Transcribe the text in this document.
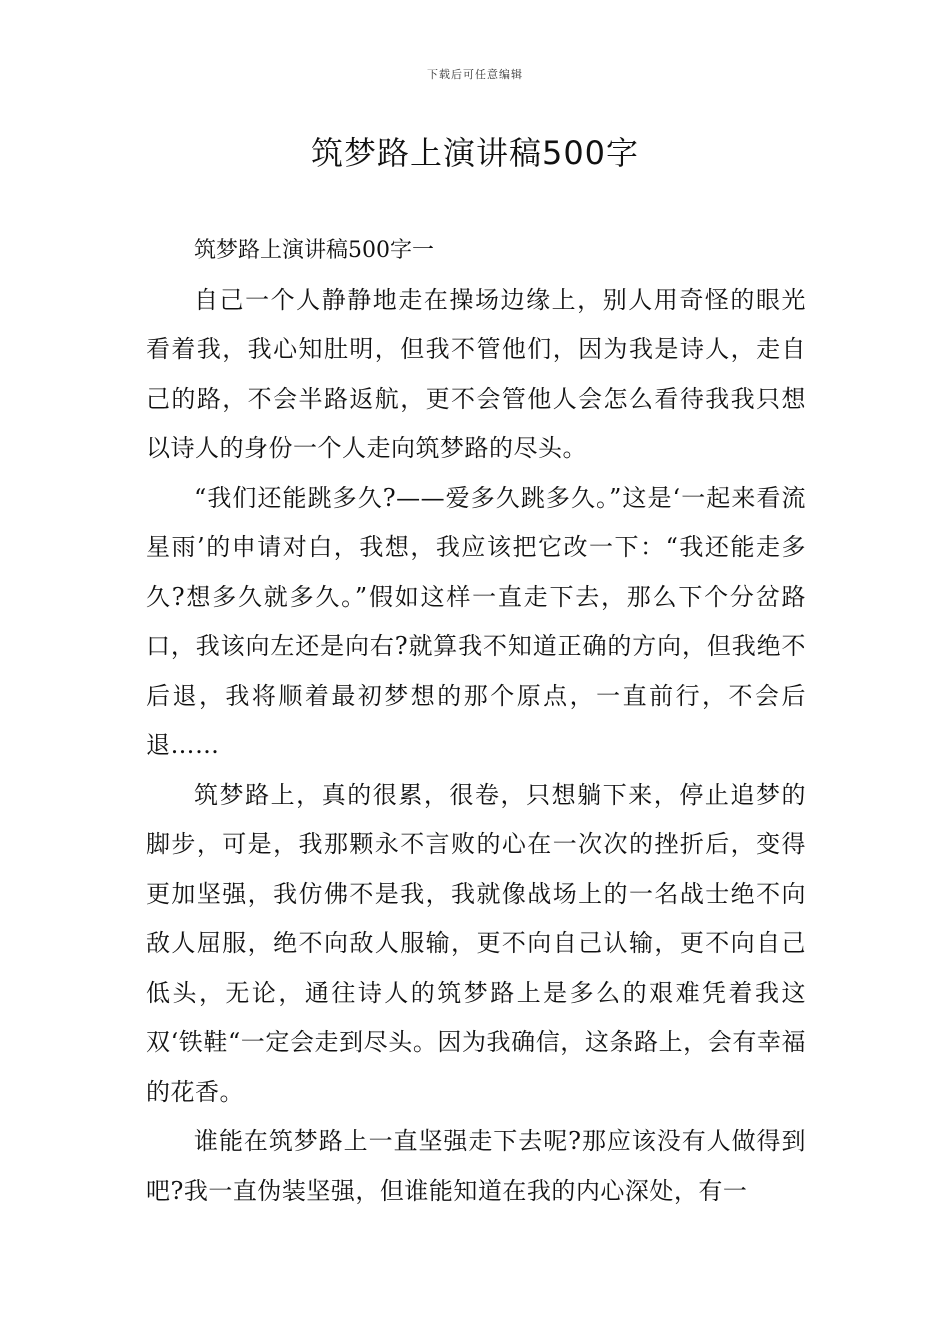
下载后可任意编辑
筑梦路上演讲稿500字

筑梦路上演讲稿500字一

自己一个人静静地走在操场边缘上，别人用奇怪的眼光看着我，我心知肚明，但我不管他们，因为我是诗人，走自己的路，不会半路返航，更不会管他人会怎么看待我我只想以诗人的身份一个人走向筑梦路的尽头。

“我们还能跳多久?——爱多久跳多久。”这是‘一起来看流星雨’的申请对白，我想，我应该把它改一下：“我还能走多久?想多久就多久。”假如这样一直走下去，那么下个分岔路口，我该向左还是向右?就算我不知道正确的方向，但我绝不后退，我将顺着最初梦想的那个原点，一直前行，不会后退……

筑梦路上，真的很累，很卷，只想躺下来，停止追梦的脚步，可是，我那颗永不言败的心在一次次的挫折后，变得更加坚强，我仿佛不是我，我就像战场上的一名战士绝不向敌人屈服，绝不向敌人服输，更不向自己认输，更不向自己低头，无论，通往诗人的筑梦路上是多么的艰难凭着我这双‘铁鞋“一定会走到尽头。因为我确信，这条路上，会有幸福的花香。

谁能在筑梦路上一直坚强走下去呢?那应该没有人做得到吧?我一直伪装坚强，但谁能知道在我的内心深处，有一
